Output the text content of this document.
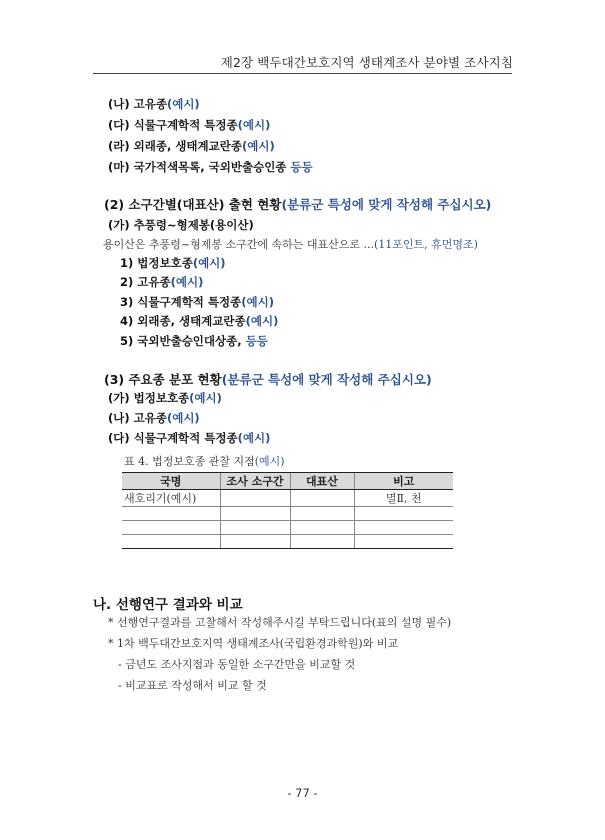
제2장 백두대간보호지역 생태계조사 분야별 조사지침
(나) 고유종(예시)
(다) 식물구계학적 특정종(예시)
(라) 외래종, 생태계교란종(예시)
(마) 국가적색목록, 국외반출승인종 등등
(2) 소구간별(대표산) 출현 현황(분류군 특성에 맞게 작성해 주십시오)
(가) 추풍령~형제봉(용이산)
용이산은 추풍령~형제봉 소구간에 속하는 대표산으로 ...(11포인트, 휴먼명조)
1) 법정보호종(예시)
2) 고유종(예시)
3) 식물구계학적 특정종(예시)
4) 외래종, 생태계교란종(예시)
5) 국외반출승인대상종, 등등
(3) 주요종 분포 현황(분류군 특성에 맞게 작성해 주십시오)
(가) 법정보호종(예시)
(나) 고유종(예시)
(다) 식물구계학적 특정종(예시)
표 4. 법정보호종 관찰 지점(예시)
국명	조사 소구간	대표산	비고
새호리기(예시)			멸Ⅱ, 천

나. 선행연구 결과와 비교
* 선행연구결과를 고찰해서 작성해주시길 부탁드립니다(표의 설명 필수)
* 1차 백두대간보호지역 생태계조사(국립환경과학원)와 비교
- 금년도 조사지점과 동일한 소구간만을 비교할 것
- 비교표로 작성해서 비교 할 것
- 77 -
